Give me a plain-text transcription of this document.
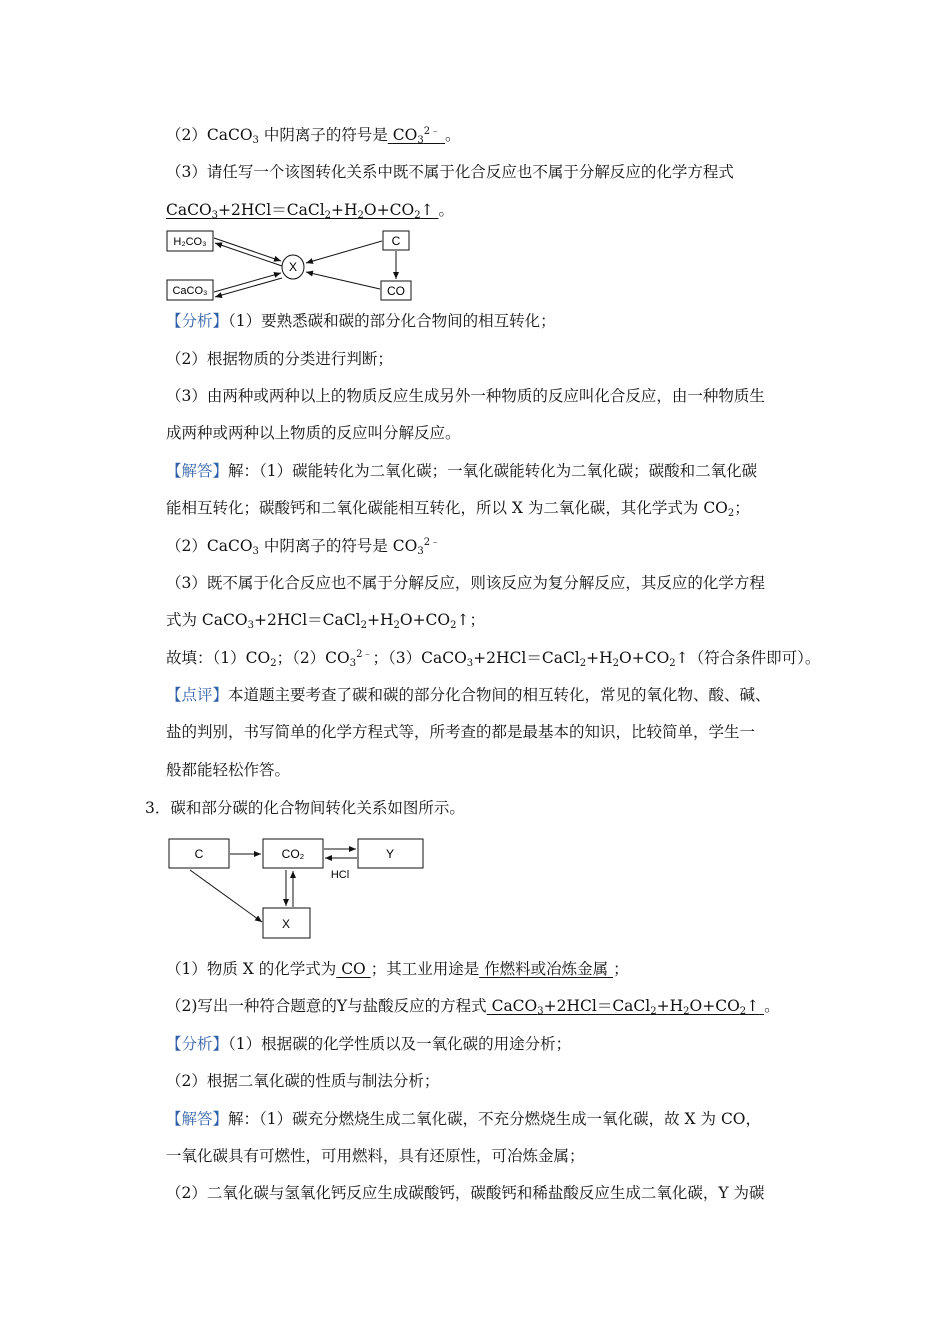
（2）CaCO$_3$ 中阴离子的符号是 $CO_3^{2﹣}$ 。
（3）请任写一个该图转化关系中既不属于化合反应也不属于分解反应的化学方程式
$CaCO_3+2HCl=CaCl_2+H_2O+CO_2↑$ 。
H₂CO₃
CaCO₃
X
C
CO
【分析】（1）要熟悉碳和碳的部分化合物间的相互转化；
（2）根据物质的分类进行判断；
（3）由两种或两种以上的物质反应生成另外一种物质的反应叫化合反应，由一种物质生
成两种或两种以上物质的反应叫分解反应。
【解答】解：（1）碳能转化为二氧化碳；一氧化碳能转化为二氧化碳；碳酸和二氧化碳
能相互转化；碳酸钙和二氧化碳能相互转化，所以 X 为二氧化碳，其化学式为 $CO_2$；
（2）CaCO$_3$ 中阴离子的符号是 $CO_3^{2﹣}$
（3）既不属于化合反应也不属于分解反应，则该反应为复分解反应，其反应的化学方程
式为 $CaCO_3+2HCl=CaCl_2+H_2O+CO_2↑$；
故填：$(1)CO_2$；$(2)CO_3^{2﹣}$；$(3)CaCO_3+2HCl=CaCl_2+H_2O+CO_2↑$（符合条件即可）。
【点评】本道题主要考查了碳和碳的部分化合物间的相互转化，常见的氧化物、酸、碱、
盐的判别，书写简单的化学方程式等，所考查的都是最基本的知识，比较简单，学生一
般都能轻松作答。
3．碳和部分碳的化合物间转化关系如图所示。
C	CO₂	Y
X
HCl
（1）物质 X 的化学式为 CO ；其工业用途是 作燃料或冶炼金属 ；
（2)写出一种符合题意的Y与盐酸反应的方程式 $CaCO_3+2HCl=CaCl_2+H_2O+CO_2↑$ 。
【分析】（1）根据碳的化学性质以及一氧化碳的用途分析；
（2）根据二氧化碳的性质与制法分析；
【解答】解：（1）碳充分燃烧生成二氧化碳，不充分燃烧生成一氧化碳，故 X 为 CO，
一氧化碳具有可燃性，可用燃料，具有还原性，可冶炼金属；
（2）二氧化碳与氢氧化钙反应生成碳酸钙，碳酸钙和稀盐酸反应生成二氧化碳，Y 为碳
